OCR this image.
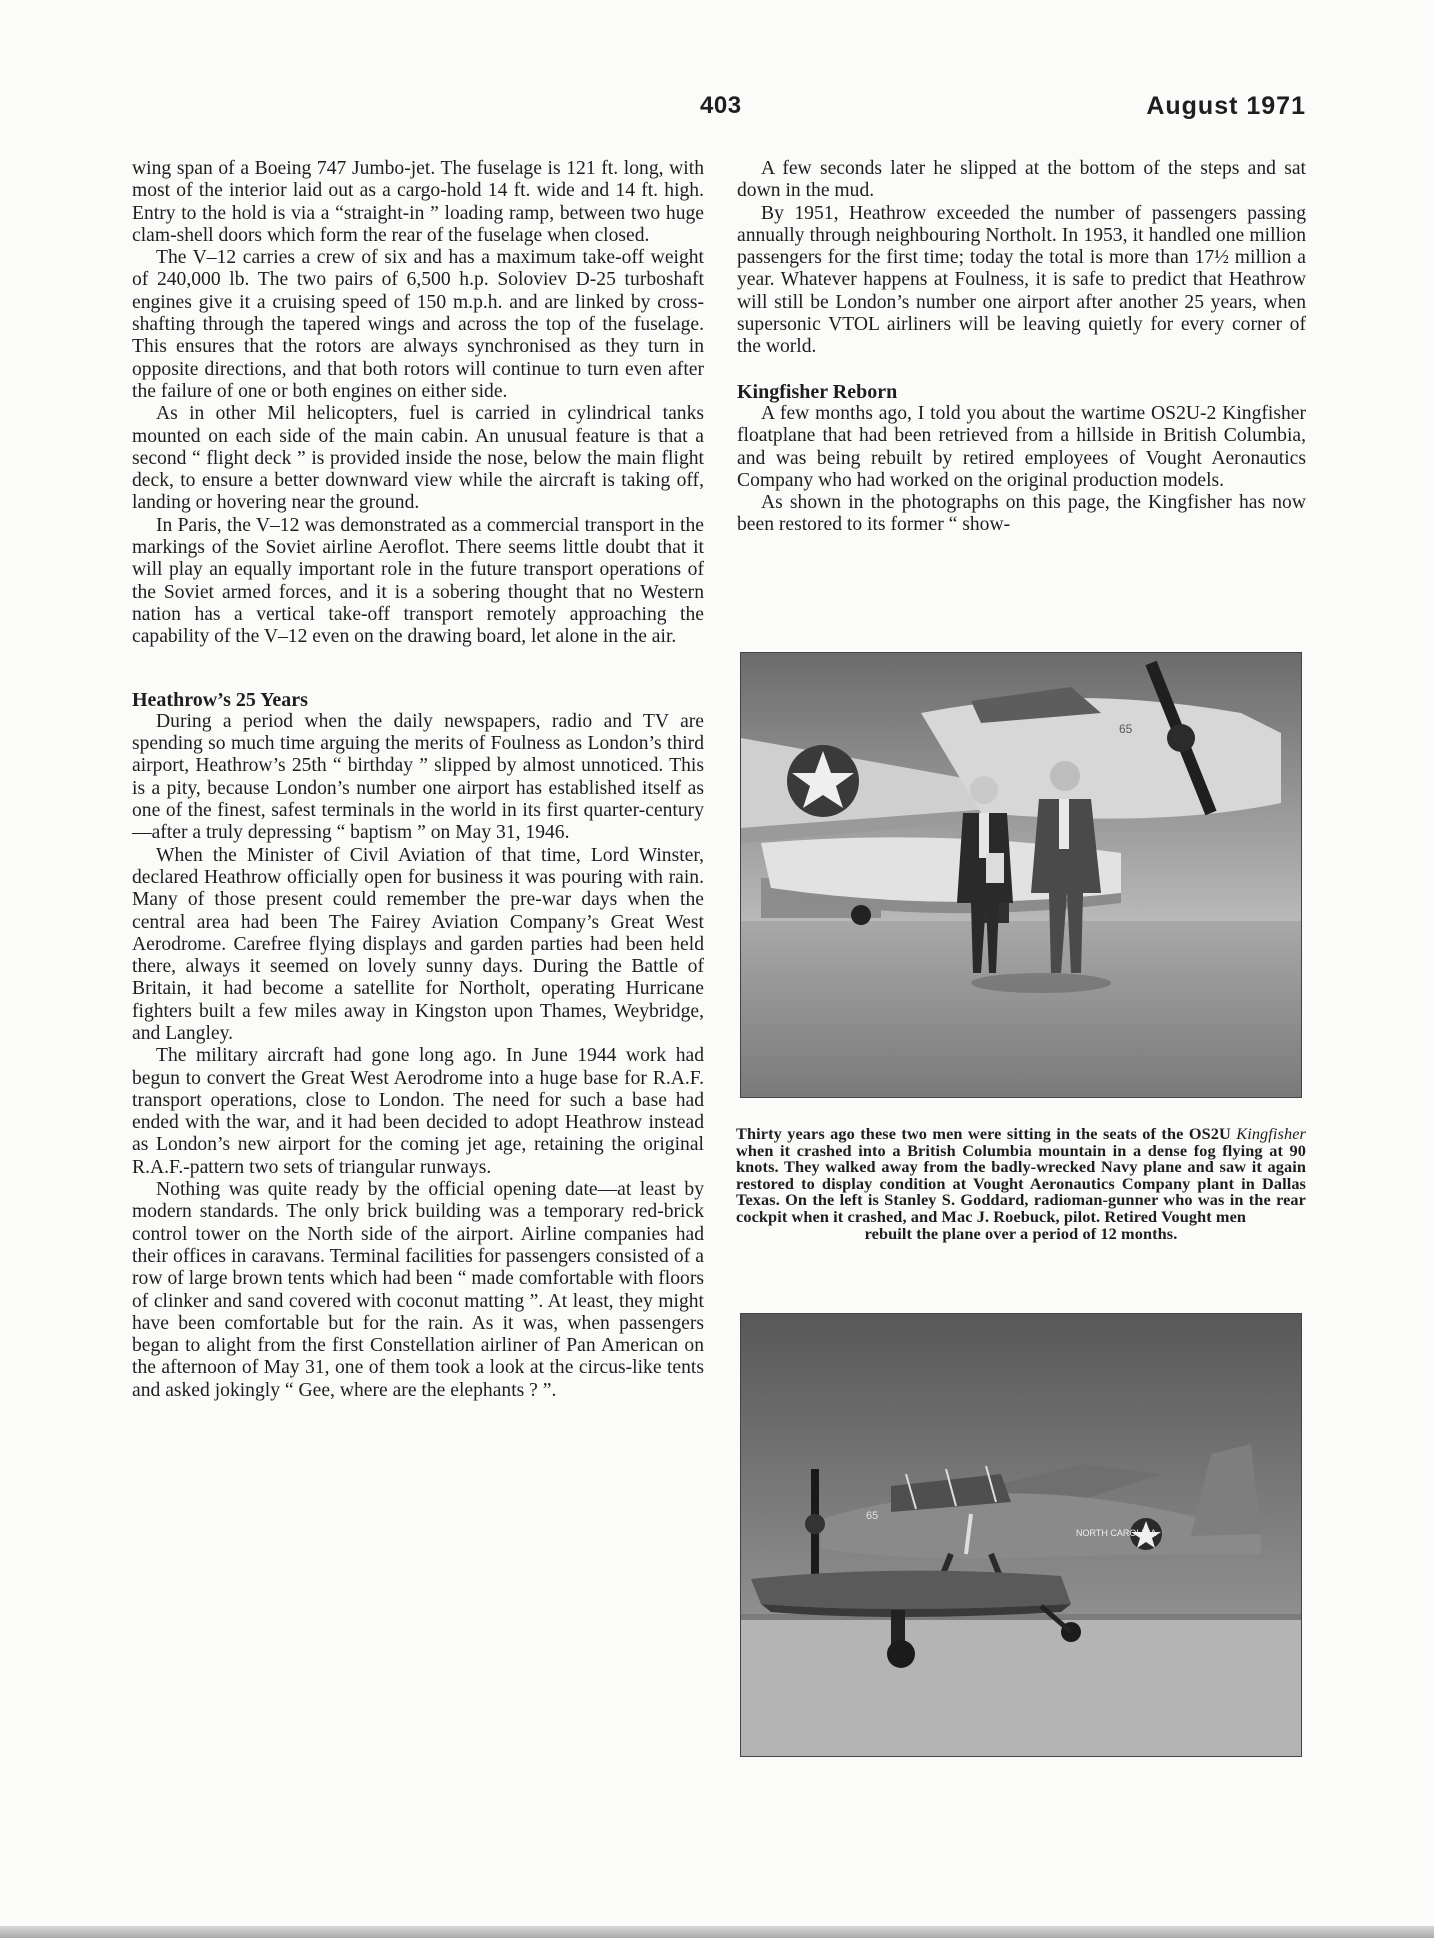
403	August 1971

wing span of a Boeing 747 Jumbo-jet. The fuselage is 121 ft. long, with most of the interior laid out as a cargo-hold 14 ft. wide and 14 ft. high. Entry to the hold is via a “straight-in ” loading ramp, between two huge clam-shell doors which form the rear of the fuselage when closed.

The V–12 carries a crew of six and has a maximum take-off weight of 240,000 lb. The two pairs of 6,500 h.p. Soloviev D-25 turboshaft engines give it a cruising speed of 150 m.p.h. and are linked by cross-shafting through the tapered wings and across the top of the fuselage. This ensures that the rotors are always synchronised as they turn in opposite directions, and that both rotors will continue to turn even after the failure of one or both engines on either side.

As in other Mil helicopters, fuel is carried in cylindrical tanks mounted on each side of the main cabin. An unusual feature is that a second “ flight deck ” is provided inside the nose, below the main flight deck, to ensure a better downward view while the aircraft is taking off, landing or hovering near the ground.

In Paris, the V–12 was demonstrated as a commercial transport in the markings of the Soviet airline Aeroflot. There seems little doubt that it will play an equally important role in the future transport operations of the Soviet armed forces, and it is a sobering thought that no Western nation has a vertical take-off transport remotely approaching the capability of the V–12 even on the drawing board, let alone in the air.

Heathrow’s 25 Years

During a period when the daily newspapers, radio and TV are spending so much time arguing the merits of Foulness as London’s third airport, Heathrow’s 25th “ birthday ” slipped by almost unnoticed. This is a pity, because London’s number one airport has established itself as one of the finest, safest terminals in the world in its first quarter-century—after a truly depressing “ baptism ” on May 31, 1946.

When the Minister of Civil Aviation of that time, Lord Winster, declared Heathrow officially open for business it was pouring with rain. Many of those present could remember the pre-war days when the central area had been The Fairey Aviation Company’s Great West Aerodrome. Carefree flying displays and garden parties had been held there, always it seemed on lovely sunny days. During the Battle of Britain, it had become a satellite for Northolt, operating Hurricane fighters built a few miles away in Kingston upon Thames, Weybridge, and Langley.

The military aircraft had gone long ago. In June 1944 work had begun to convert the Great West Aerodrome into a huge base for R.A.F. transport operations, close to London. The need for such a base had ended with the war, and it had been decided to adopt Heathrow instead as London’s new airport for the coming jet age, retaining the original R.A.F.-pattern two sets of triangular runways.

Nothing was quite ready by the official opening date—at least by modern standards. The only brick building was a temporary red-brick control tower on the North side of the airport. Airline companies had their offices in caravans. Terminal facilities for passengers consisted of a row of large brown tents which had been “ made comfortable with floors of clinker and sand covered with coconut matting ”. At least, they might have been comfortable but for the rain. As it was, when passengers began to alight from the first Constellation airliner of Pan American on the afternoon of May 31, one of them took a look at the circus-like tents and asked jokingly “ Gee, where are the elephants ? ”.

A few seconds later he slipped at the bottom of the steps and sat down in the mud.

By 1951, Heathrow exceeded the number of passengers passing annually through neighbouring Northolt. In 1953, it handled one million passengers for the first time; today the total is more than 17½ million a year. Whatever happens at Foulness, it is safe to predict that Heathrow will still be London’s number one airport after another 25 years, when supersonic VTOL airliners will be leaving quietly for every corner of the world.

Kingfisher Reborn

A few months ago, I told you about the wartime OS2U-2 Kingfisher floatplane that had been retrieved from a hillside in British Columbia, and was being rebuilt by retired employees of Vought Aeronautics Company who had worked on the original production models.

As shown in the photographs on this page, the Kingfisher has now been restored to its former “ show-

65
Thirty years ago these two men were sitting in the seats of the OS2U Kingfisher when it crashed into a British Columbia mountain in a dense fog flying at 90 knots. They walked away from the badly-wrecked Navy plane and saw it again restored to display condition at Vought Aeronautics Company plant in Dallas Texas. On the left is Stanley S. Goddard, radioman-gunner who was in the rear cockpit when it crashed, and Mac J. Roebuck, pilot. Retired Vought men
rebuilt the plane over a period of 12 months.
NORTH CAROLINA
65
